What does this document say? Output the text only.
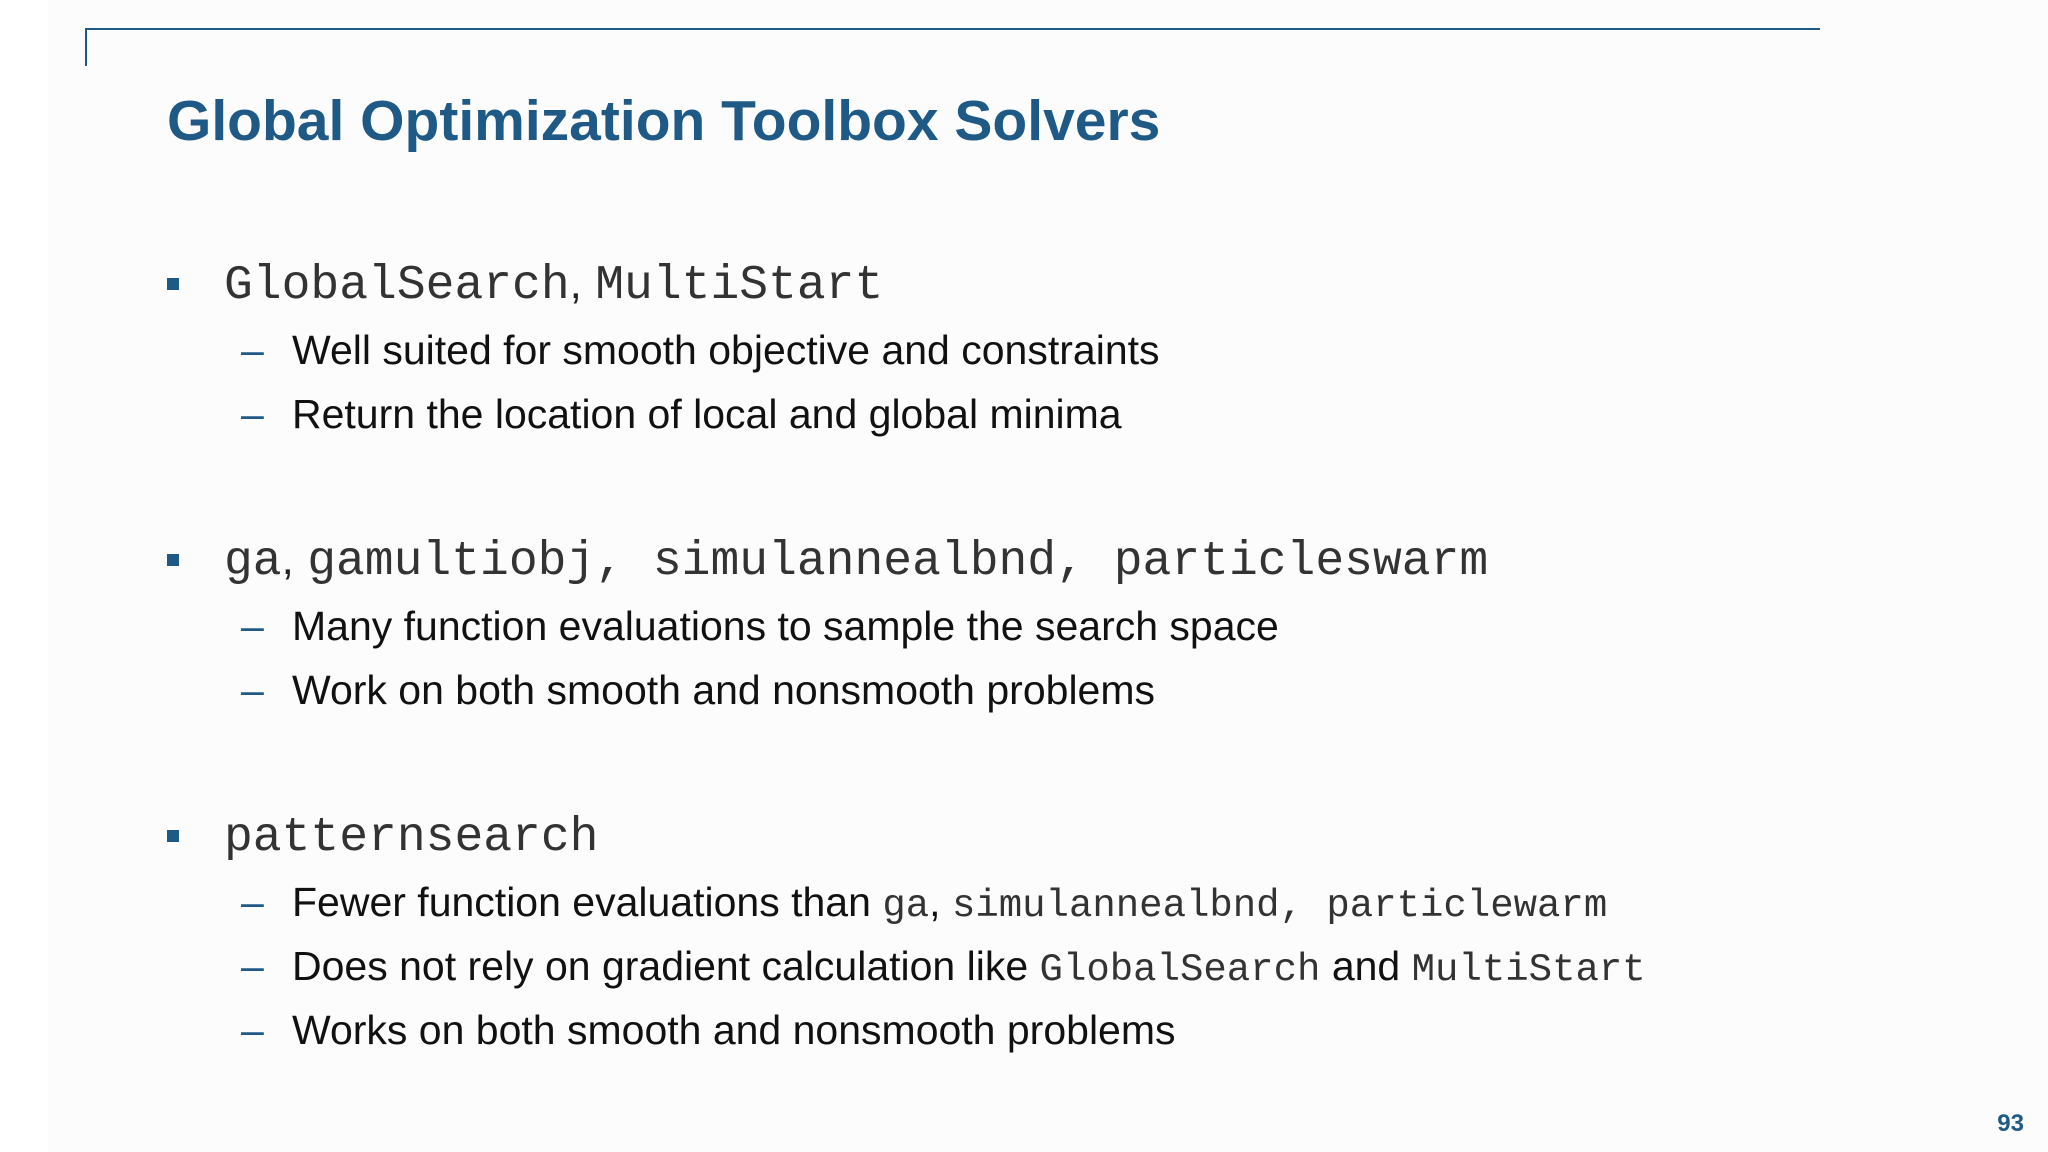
Global Optimization Toolbox Solvers
GlobalSearch, MultiStart
– Well suited for smooth objective and constraints
– Return the location of local and global minima
ga, gamultiobj, simulannealbnd, particleswarm
– Many function evaluations to sample the search space
– Work on both smooth and nonsmooth problems
patternsearch
– Fewer function evaluations than ga, simulannealbnd, particlewarm
– Does not rely on gradient calculation like GlobalSearch and MultiStart
– Works on both smooth and nonsmooth problems
93
